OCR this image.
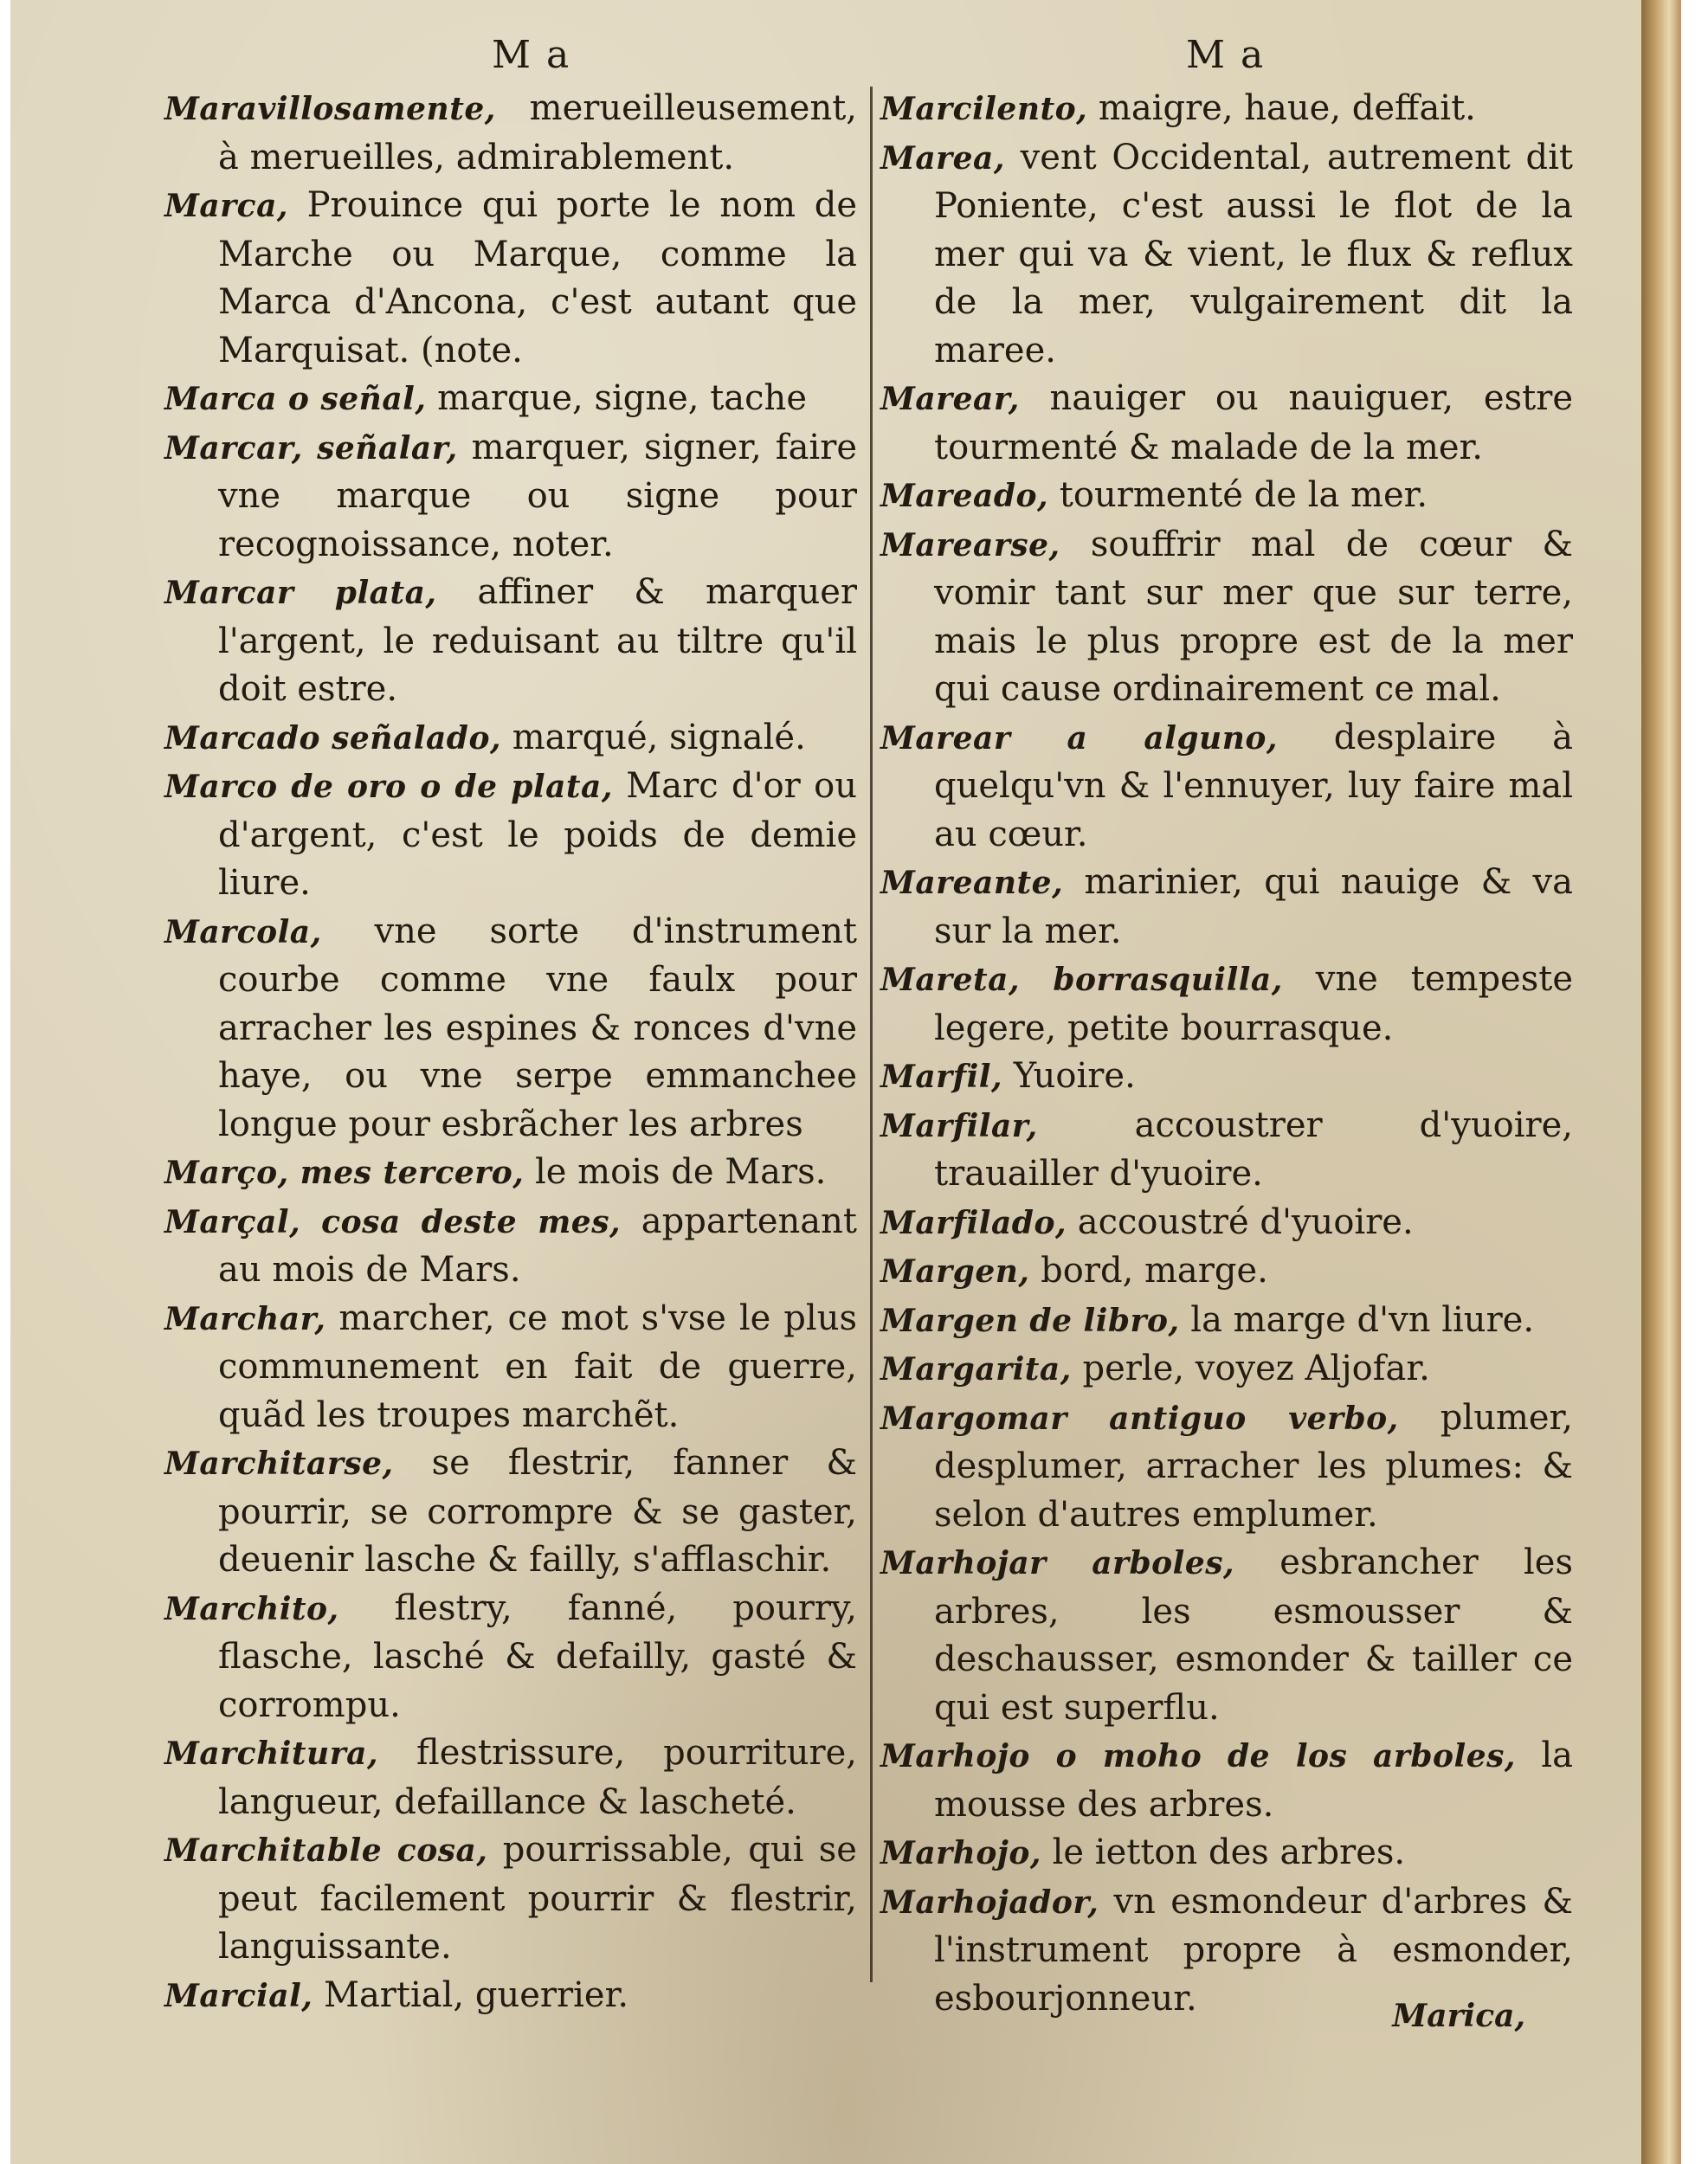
M a	M a

Maravillosamente, merueilleusement, à merueilles, admirablement.

Marca, Prouince qui porte le nom de Marche ou Marque, comme la Marca d'Ancona, c'est autant que Marquisat. (note.

Marca o señal, marque, signe, tache

Marcar, señalar, marquer, signer, faire vne marque ou signe pour recognoissance, noter.

Marcar plata, affiner & marquer l'argent, le reduisant au tiltre qu'il doit estre.

Marcado señalado, marqué, signalé.

Marco de oro o de plata, Marc d'or ou d'argent, c'est le poids de demie liure.

Marcola, vne sorte d'instrument courbe comme vne faulx pour arracher les espines & ronces d'vne haye, ou vne serpe emmanchee longue pour esbrãcher les arbres

Março, mes tercero, le mois de Mars.

Marçal, cosa deste mes, appartenant au mois de Mars.

Marchar, marcher, ce mot s'vse le plus communement en fait de guerre, quãd les troupes marchẽt.

Marchitarse, se flestrir, fanner & pourrir, se corrompre & se gaster, deuenir lasche & failly, s'afflaschir.

Marchito, flestry, fanné, pourry, flasche, lasché & defailly, gasté & corrompu.

Marchitura, flestrissure, pourriture, langueur, defaillance & lascheté.

Marchitable cosa, pourrissable, qui se peut facilement pourrir & flestrir, languissante.

Marcial, Martial, guerrier.

Marcilento, maigre, haue, deffait.

Marea, vent Occidental, autrement dit Poniente, c'est aussi le flot de la mer qui va & vient, le flux & reflux de la mer, vulgairement dit la maree.

Marear, nauiger ou nauiguer, estre tourmenté & malade de la mer.

Mareado, tourmenté de la mer.

Marearse, souffrir mal de cœur & vomir tant sur mer que sur terre, mais le plus propre est de la mer qui cause ordinairement ce mal.

Marear a alguno, desplaire à quelqu'vn & l'ennuyer, luy faire mal au cœur.

Mareante, marinier, qui nauige & va sur la mer.

Mareta, borrasquilla, vne tempeste legere, petite bourrasque.

Marfil, Yuoire.

Marfilar, accoustrer d'yuoire, trauailler d'yuoire.

Marfilado, accoustré d'yuoire.

Margen, bord, marge.

Margen de libro, la marge d'vn liure.

Margarita, perle, voyez Aljofar.

Margomar antiguo verbo, plumer, desplumer, arracher les plumes: & selon d'autres emplumer.

Marhojar arboles, esbrancher les arbres, les esmousser & deschausser, esmonder & tailler ce qui est superflu.

Marhojo o moho de los arboles, la mousse des arbres.

Marhojo, le ietton des arbres.

Marhojador, vn esmondeur d'arbres & l'instrument propre à esmonder, esbourjonneur.	Marica,
